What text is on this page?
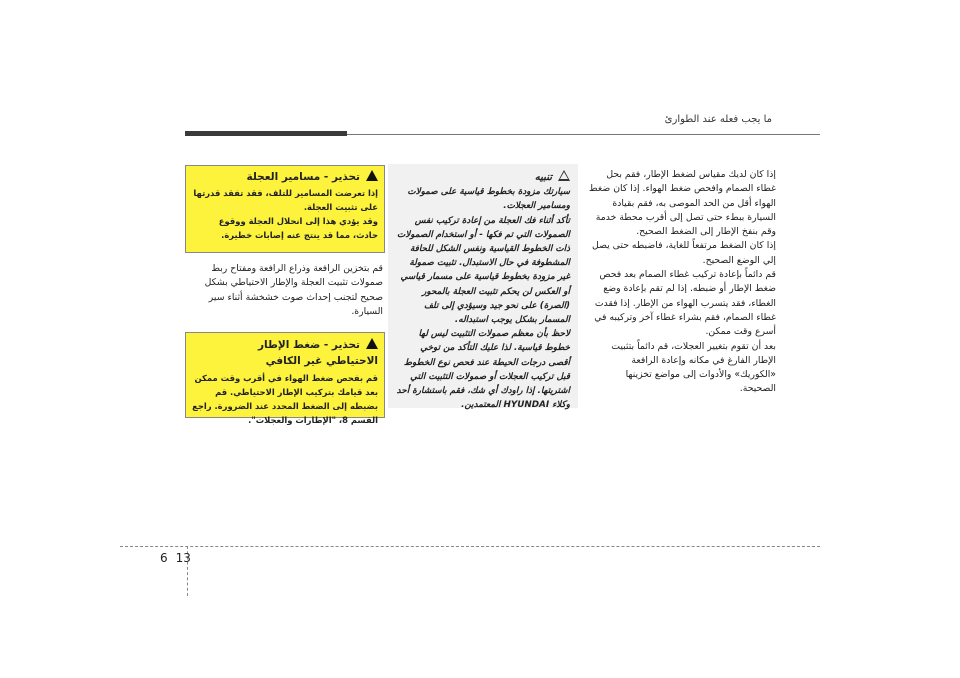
ما يجب فعله عند الطوارئ

إذا كان لديك مقياس لضغط الإطار، فقم بحل غطاء الصمام وافحص ضغط الهواء. إذا كان ضغط الهواء أقل من الحد الموصى به، فقم بقيادة السيارة ببطء حتى تصل إلى أقرب محطة خدمة وقم بنفخ الإطار إلى الضغط الصحيح.

إذا كان الضغط مرتفعاً للغاية، فاضبطه حتى يصل إلي الوضع الصحيح.

قم دائماً بإعادة تركيب غطاء الصمام بعد فحص ضغط الإطار أو ضبطه. إذا لم تقم بإعادة وضع الغطاء، فقد يتسرب الهواء من الإطار. إذا فقدت غطاء الصمام، فقم بشراء غطاء آخر وتركيبه في أسرع وقت ممكن.

بعد أن تقوم بتغيير العجلات، قم دائماً بتثبيت الإطار الفارغ في مكانه وإعادة الرافعة «الكوريك» والأدوات إلى مواضع تخزينها الصحيحة.

تنبيه

سيارتك مزودة بخطوط قياسية على صمولات ومسامير العجلات.

تأكد أثناء فك العجلة من إعادة تركيب نفس الصمولات التي تم فكها - أو استخدام الصمولات ذات الخطوط القياسية ونفس الشكل للحافة المشطوفة في حال الاستبدال. تثبيت صمولة غير مزودة بخطوط قياسية على مسمار قياسي أو العكس لن يحكم تثبيت العجلة بالمحور (الصرة) على نحو جيد وسيؤدي إلى تلف المسمار بشكل يوجب استبداله.

لاحظ بأن معظم صمولات التثبيت ليس لها خطوط قياسية. لذا عليك التأكد من توخي أقصى درجات الحيطة عند فحص نوع الخطوط قبل تركيب العجلات أو صمولات التثبيت التي اشتريتها. إذا راودك أي شك، فقم باستشارة أحد وكلاء HYUNDAI المعتمدين.

تحذير - مسامير العجلة
إذا تعرضت المسامير للتلف، فقد تفقد قدرتها على تثبيت العجلة.
وقد يؤدي هذا إلى انحلال العجلة ووقوع حادث، مما قد ينتج عنه إصابات خطيرة.
قم بتخزين الرافعة وذراع الرافعة ومفتاح ربط صمولات تثبيت العجلة والإطار الاحتياطي بشكل صحيح لتجنب إحداث صوت خشخشة أثناء سير السيارة.
تحذير - ضغط الإطار
الاحتياطي غير الكافي
قم بفحص ضغط الهواء في أقرب وقت ممكن بعد قيامك بتركيب الإطار الاحتياطي. قم بضبطه إلى الضغط المحدد عند الضرورة. راجع القسم 8، "الإطارات والعجلات".
6 13
